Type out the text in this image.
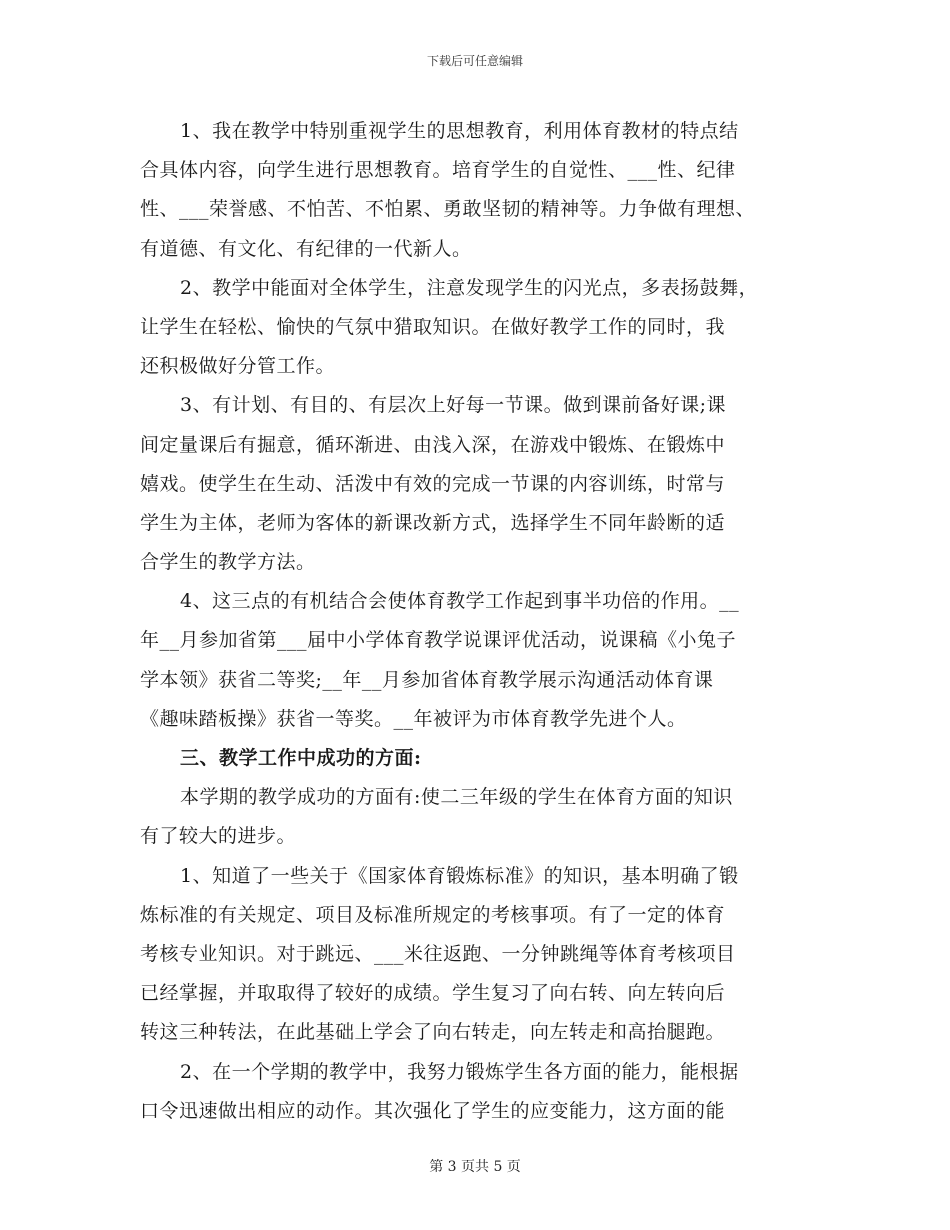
下载后可任意编辑
1、我在教学中特别重视学生的思想教育，利用体育教材的特点结
合具体内容，向学生进行思想教育。培育学生的自觉性、___性、纪律
性、___荣誉感、不怕苦、不怕累、勇敢坚韧的精神等。力争做有理想、
有道德、有文化、有纪律的一代新人。
2、教学中能面对全体学生，注意发现学生的闪光点，多表扬鼓舞，
让学生在轻松、愉快的气氛中猎取知识。在做好教学工作的同时，我
还积极做好分管工作。
3、有计划、有目的、有层次上好每一节课。做到课前备好课;课
间定量课后有掘意，循环渐进、由浅入深，在游戏中锻炼、在锻炼中
嬉戏。使学生在生动、活泼中有效的完成一节课的内容训练，时常与
学生为主体，老师为客体的新课改新方式，选择学生不同年龄断的适
合学生的教学方法。
4、这三点的有机结合会使体育教学工作起到事半功倍的作用。__
年__月参加省第___届中小学体育教学说课评优活动，说课稿《小兔子
学本领》获省二等奖;__年__月参加省体育教学展示沟通活动体育课
《趣味踏板操》获省一等奖。__年被评为市体育教学先进个人。
三、教学工作中成功的方面:
本学期的教学成功的方面有:使二三年级的学生在体育方面的知识
有了较大的进步。
1、知道了一些关于《国家体育锻炼标准》的知识，基本明确了锻
炼标准的有关规定、项目及标准所规定的考核事项。有了一定的体育
考核专业知识。对于跳远、___米往返跑、一分钟跳绳等体育考核项目
已经掌握，并取取得了较好的成绩。学生复习了向右转、向左转向后
转这三种转法，在此基础上学会了向右转走，向左转走和高抬腿跑。
2、在一个学期的教学中，我努力锻炼学生各方面的能力，能根据
口令迅速做出相应的动作。其次强化了学生的应变能力，这方面的能
第 3 页共 5 页
